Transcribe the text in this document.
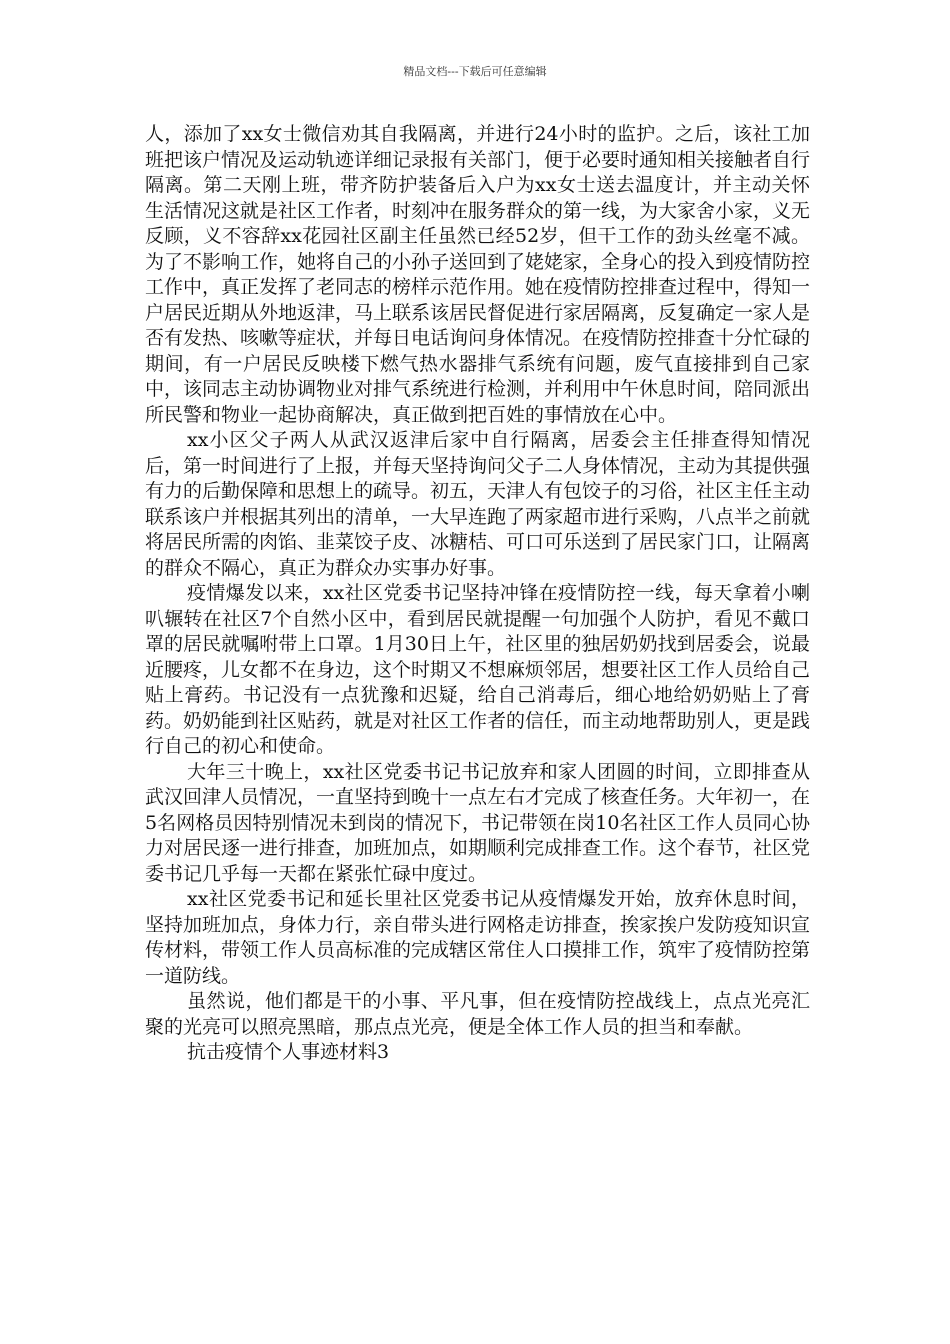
精品文档---下载后可任意编辑

人，添加了xx女士微信劝其自我隔离，并进行24小时的监护。之后，该社工加班把该户情况及运动轨迹详细记录报有关部门，便于必要时通知相关接触者自行隔离。第二天刚上班，带齐防护装备后入户为xx女士送去温度计，并主动关怀生活情况这就是社区工作者，时刻冲在服务群众的第一线，为大家舍小家，义无反顾，义不容辞xx花园社区副主任虽然已经52岁，但干工作的劲头丝毫不减。为了不影响工作，她将自己的小孙子送回到了姥姥家，全身心的投入到疫情防控工作中，真正发挥了老同志的榜样示范作用。她在疫情防控排查过程中，得知一户居民近期从外地返津，马上联系该居民督促进行家居隔离，反复确定一家人是否有发热、咳嗽等症状，并每日电话询问身体情况。在疫情防控排查十分忙碌的期间，有一户居民反映楼下燃气热水器排气系统有问题，废气直接排到自己家中，该同志主动协调物业对排气系统进行检测，并利用中午休息时间，陪同派出所民警和物业一起协商解决，真正做到把百姓的事情放在心中。

xx小区父子两人从武汉返津后家中自行隔离，居委会主任排查得知情况后，第一时间进行了上报，并每天坚持询问父子二人身体情况，主动为其提供强有力的后勤保障和思想上的疏导。初五，天津人有包饺子的习俗，社区主任主动联系该户并根据其列出的清单，一大早连跑了两家超市进行采购，八点半之前就将居民所需的肉馅、韭菜饺子皮、冰糖桔、可口可乐送到了居民家门口，让隔离的群众不隔心，真正为群众办实事办好事。

疫情爆发以来，xx社区党委书记坚持冲锋在疫情防控一线，每天拿着小喇叭辗转在社区7个自然小区中，看到居民就提醒一句加强个人防护，看见不戴口罩的居民就嘱咐带上口罩。1月30日上午，社区里的独居奶奶找到居委会，说最近腰疼，儿女都不在身边，这个时期又不想麻烦邻居，想要社区工作人员给自己贴上膏药。书记没有一点犹豫和迟疑，给自己消毒后，细心地给奶奶贴上了膏药。奶奶能到社区贴药，就是对社区工作者的信任，而主动地帮助别人，更是践行自己的初心和使命。

大年三十晚上，xx社区党委书记书记放弃和家人团圆的时间，立即排查从武汉回津人员情况，一直坚持到晚十一点左右才完成了核查任务。大年初一，在5名网格员因特别情况未到岗的情况下，书记带领在岗10名社区工作人员同心协力对居民逐一进行排查，加班加点，如期顺利完成排查工作。这个春节，社区党委书记几乎每一天都在紧张忙碌中度过。

xx社区党委书记和延长里社区党委书记从疫情爆发开始，放弃休息时间，坚持加班加点，身体力行，亲自带头进行网格走访排查，挨家挨户发防疫知识宣传材料，带领工作人员高标准的完成辖区常住人口摸排工作，筑牢了疫情防控第一道防线。

虽然说，他们都是干的小事、平凡事，但在疫情防控战线上，点点光亮汇聚的光亮可以照亮黑暗，那点点光亮，便是全体工作人员的担当和奉献。

抗击疫情个人事迹材料3
